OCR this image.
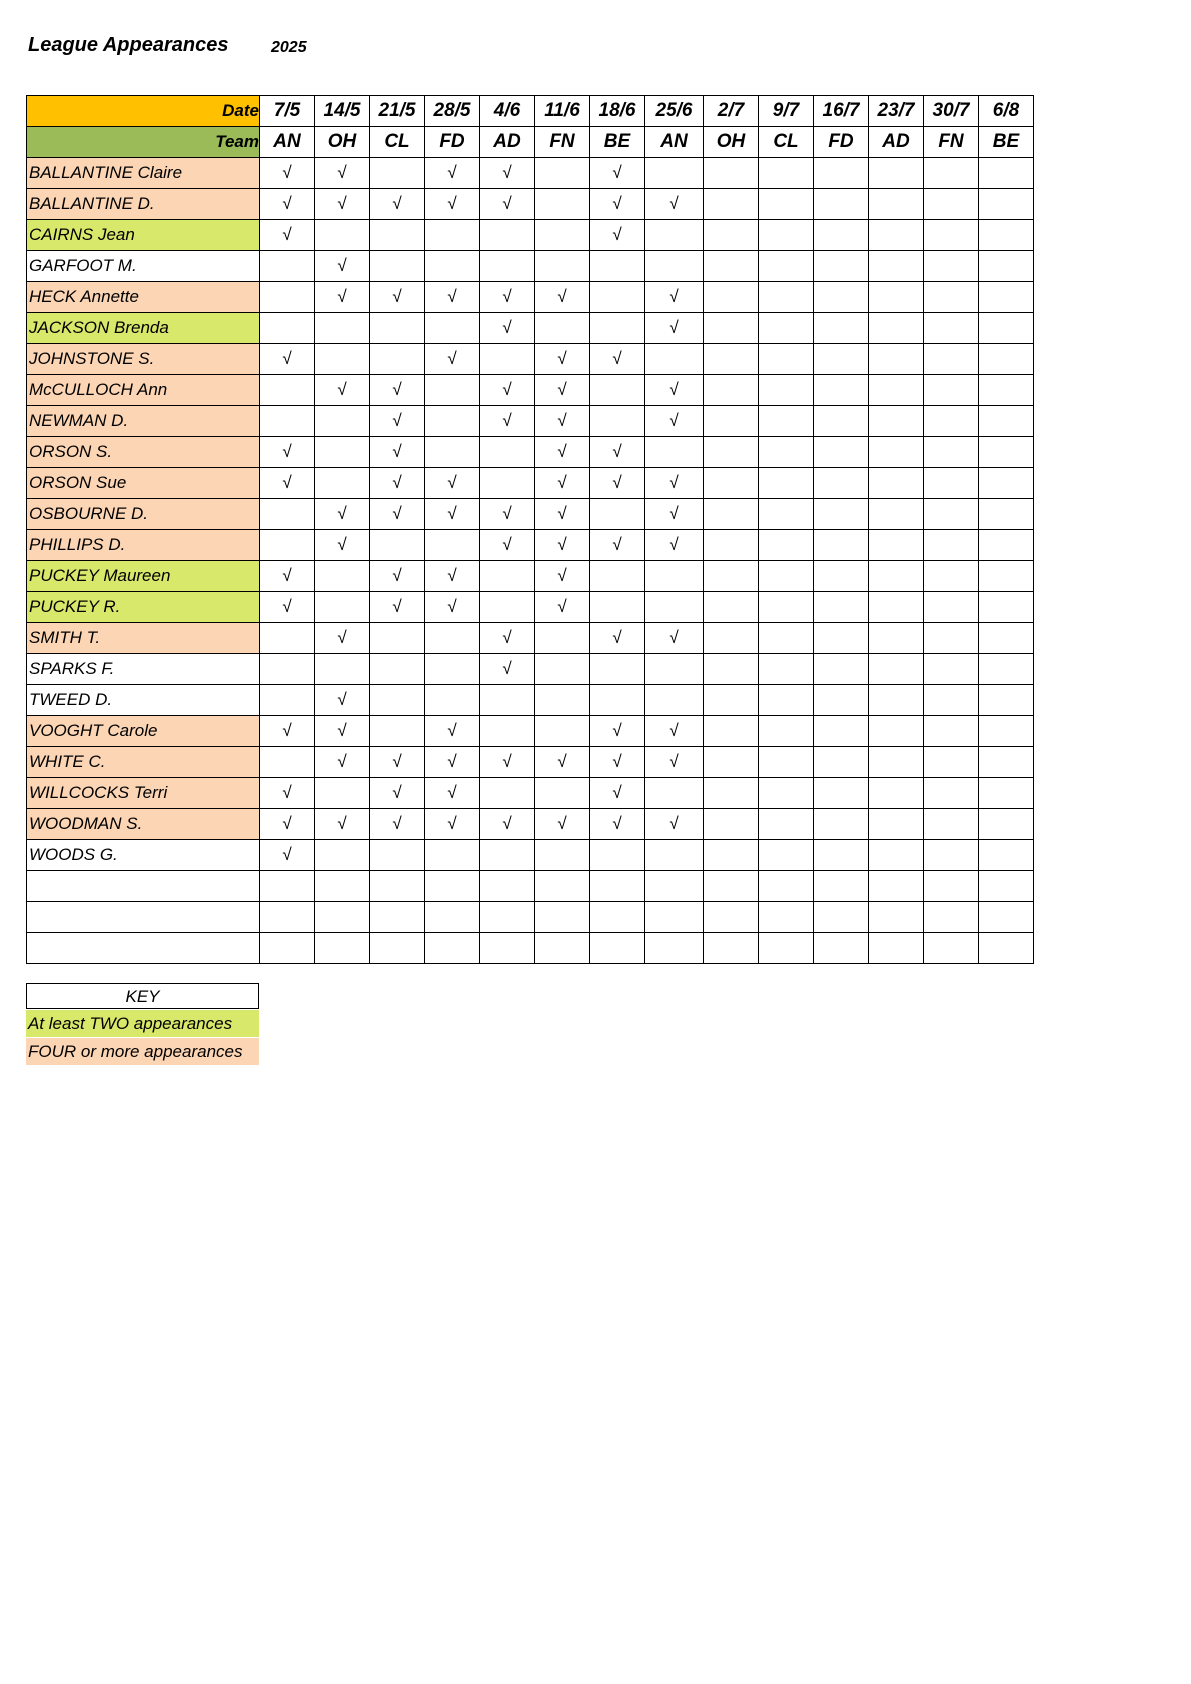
League Appearances	2025
Date	7/5	14/5	21/5	28/5	4/6	11/6	18/6	25/6	2/7	9/7	16/7	23/7	30/7	6/8
Team	AN	OH	CL	FD	AD	FN	BE	AN	OH	CL	FD	AD	FN	BE
BALLANTINE Claire	√	√		√	√		√							
BALLANTINE D.	√	√	√	√	√		√	√						
CAIRNS Jean	√						√							
GARFOOT M.		√												
HECK Annette		√	√	√	√	√		√						
JACKSON Brenda					√			√						
JOHNSTONE S.	√			√		√	√							
McCULLOCH Ann		√	√		√	√		√						
NEWMAN D.			√		√	√		√						
ORSON S.	√		√			√	√							
ORSON Sue	√		√	√		√	√	√						
OSBOURNE D.		√	√	√	√	√		√						
PHILLIPS D.		√			√	√	√	√						
PUCKEY Maureen	√		√	√		√								
PUCKEY R.	√		√	√		√								
SMITH T.		√			√		√	√						
SPARKS F.					√									
TWEED D.		√												
VOOGHT Carole	√	√		√			√	√						
WHITE C.		√	√	√	√	√	√	√						
WILLCOCKS Terri	√		√	√			√							
WOODMAN S.	√	√	√	√	√	√	√	√						
WOODS G.	√													

KEY
At least TWO appearances
FOUR or more appearances
